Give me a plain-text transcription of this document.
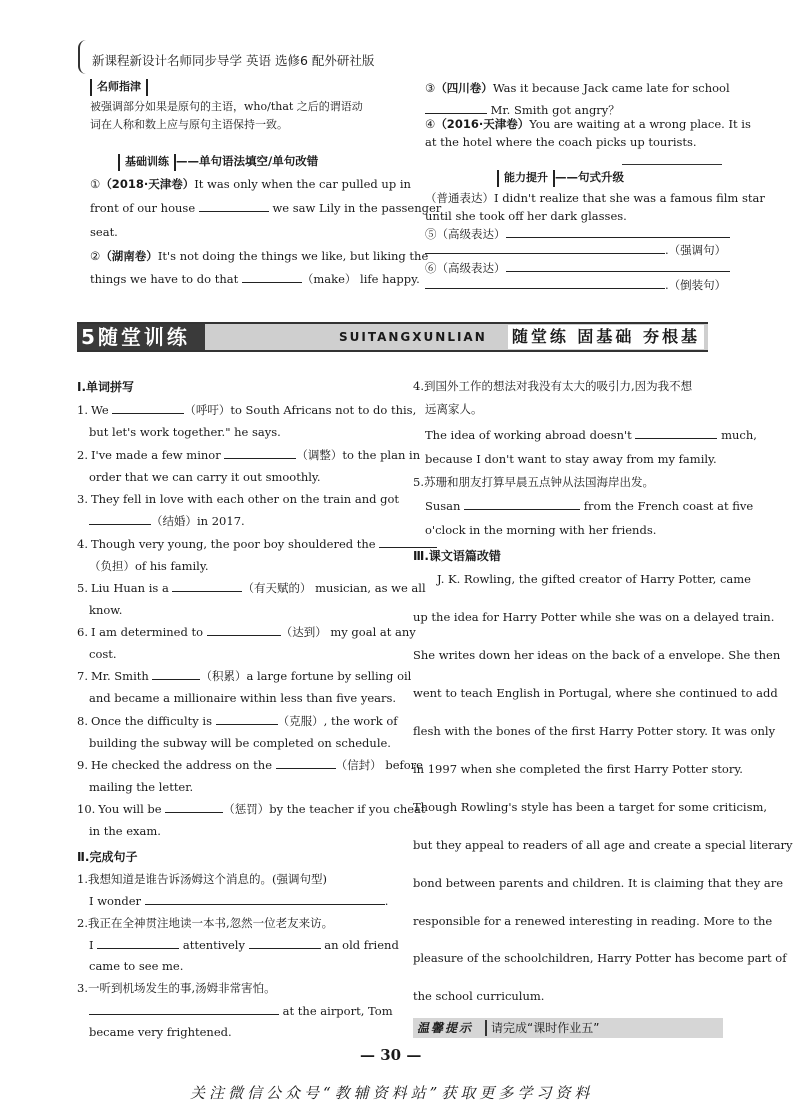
新课程新设计名师同步导学 英语 选修6 配外研社版
名师指津
被强调部分如果是原句的主语，who/that 之后的谓语动
词在人称和数上应与原句主语保持一致。
基础训练 ——单句语法填空/单句改错
①（2018·天津卷）It was only when the car pulled up in
front of our house	we saw Lily in the passenger
seat.
②（湖南卷）It's not doing the things we like, but liking the
things we have to do that	（make） life happy.
③（四川卷）Was it because Jack came late for school
Mr. Smith got angry？
④（2016·天津卷）You are waiting at a wrong place. It is
at the hotel where the coach picks up tourists.
能力提升 ——句式升级
（普通表达）I didn't realize that she was a famous film star
until she took off her dark glasses.
⑤（高级表达）
.（强调句）
⑥（高级表达）
.（倒装句）
5随堂训练	SUITANGXUNLIAN 随堂练 固基础 夯根基
Ⅰ.单词拼写
1. We	（呼吁）to South Africans not to do this,
but let's work together." he says.
2. I've made a few minor	（调整）to the plan in
order that we can carry it out smoothly.
3. They fell in love with each other on the train and got
（结婚）in 2017.
4. Though very young, the poor boy shouldered the
（负担）of his family.
5. Liu Huan is a	（有天赋的） musician, as we all
know.
6. I am determined to	（达到） my goal at any
cost.
7. Mr. Smith	（积累）a large fortune by selling oil
and became a millionaire within less than five years.
8. Once the difficulty is	（克服）, the work of
building the subway will be completed on schedule.
9. He checked the address on the	（信封） before
mailing the letter.
10. You will be	（惩罚）by the teacher if you cheat
in the exam.
Ⅱ.完成句子
1.我想知道是谁告诉汤姆这个消息的。(强调句型)
I wonder	.
2.我正在全神贯注地读一本书,忽然一位老友来访。
I	attentively	an old friend
came to see me.
3.一听到机场发生的事,汤姆非常害怕。
at the airport, Tom
became very frightened.
4.到国外工作的想法对我没有太大的吸引力,因为我不想
远离家人。
The idea of working abroad doesn't	much,
because I don't want to stay away from my family.
5.苏珊和朋友打算早晨五点钟从法国海岸出发。
Susan	from the French coast at five
o'clock in the morning with her friends.
Ⅲ.课文语篇改错
J. K. Rowling, the gifted creator of Harry Potter, came
up the idea for Harry Potter while she was on a delayed train.
She writes down her ideas on the back of a envelope. She then
went to teach English in Portugal, where she continued to add
flesh with the bones of the first Harry Potter story. It was only
in 1997 when she completed the first Harry Potter story.
Though Rowling's style has been a target for some criticism,
but they appeal to readers of all age and create a special literary
bond between parents and children. It is claiming that they are
responsible for a renewed interesting in reading. More to the
pleasure of the schoolchildren, Harry Potter has become part of
the school curriculum.
温馨提示 请完成“课时作业五”
— 30 —
关注微信公众号“教辅资料站”获取更多学习资料
